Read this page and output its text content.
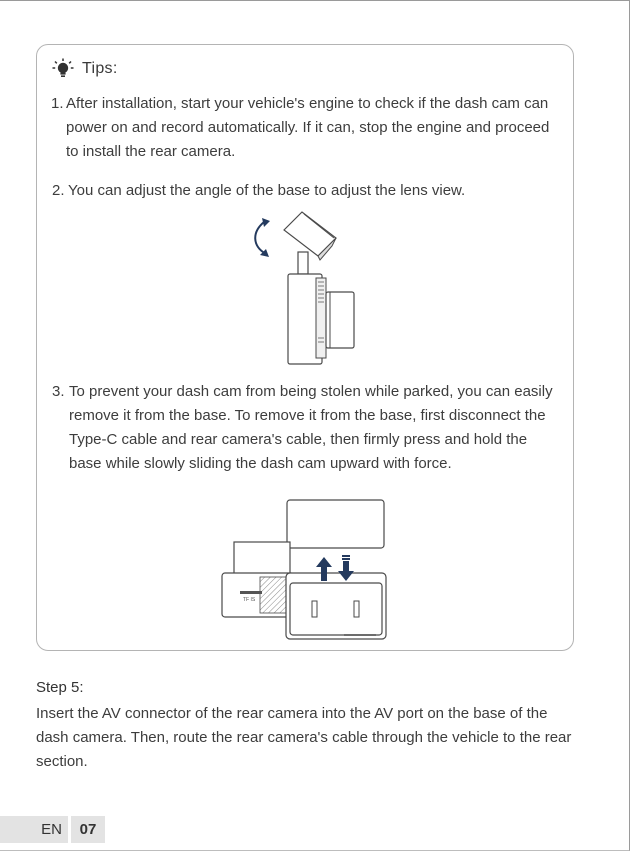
Tips:
1. After installation, start your vehicle's engine to check if the dash cam can power on and record automatically. If it can, stop the engine and proceed to install the rear camera.
2. You can adjust the angle of the base to adjust the lens view.
3. To prevent your dash cam from being stolen while parked, you can easily remove it from the base. To remove it from the base, first disconnect the Type-C cable and rear camera's cable, then firmly press and hold the base while slowly sliding the dash cam upward with force.
TF IS
Step 5:
Insert the AV connector of the rear camera into the AV port on the base of the dash camera. Then, route the rear camera's cable through the vehicle to the rear section.
EN	07
